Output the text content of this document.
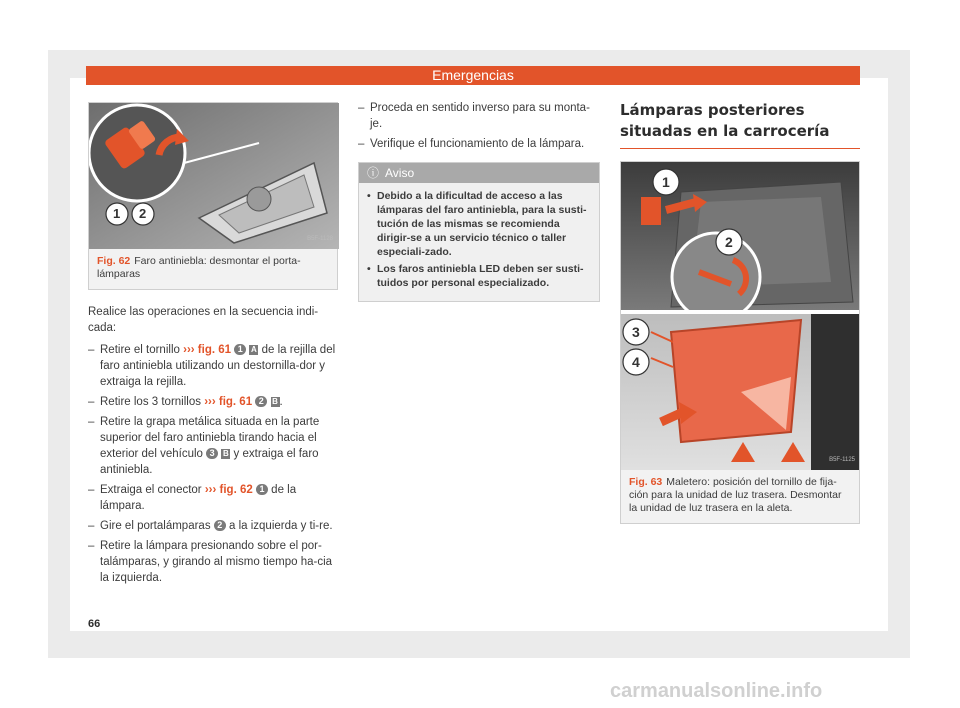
Emergencias
B5F-1128
1 2
Fig. 62 Faro antiniebla: desmontar el porta-lámparas

Realice las operaciones en la secuencia indi-cada:

– Retire el tornillo ››› fig. 61 1 A de la rejilla del faro antiniebla utilizando un destornilla-dor y extraiga la rejilla.
– Retire los 3 tornillos ››› fig. 61 2 B .
– Retire la grapa metálica situada en la parte superior del faro antiniebla tirando hacia el exterior del vehículo 3 B y extraiga el faro antiniebla.
– Extraiga el conector ››› fig. 62 1 de la lámpara.
– Gire el portalámparas 2 a la izquierda y ti-re.
– Retire la lámpara presionando sobre el por-talámparas, y girando al mismo tiempo ha-cia la izquierda.
– Proceda en sentido inverso para su monta-je.
– Verifique el funcionamiento de la lámpara.
ⓘ Aviso
• Debido a la dificultad de acceso a las lámparas del faro antiniebla, para la susti-tución de las mismas se recomienda dirigir-se a un servicio técnico o taller especiali-zado.
• Los faros antiniebla LED deben ser susti-tuidos por personal especializado.
Lámparas posteriores situadas en la carrocería
1
2
3
4
B5F-1125
Fig. 63 Maletero: posición del tornillo de fija-ción para la unidad de luz trasera. Desmontar la unidad de luz trasera en la aleta.
66
carmanualsonline.info
